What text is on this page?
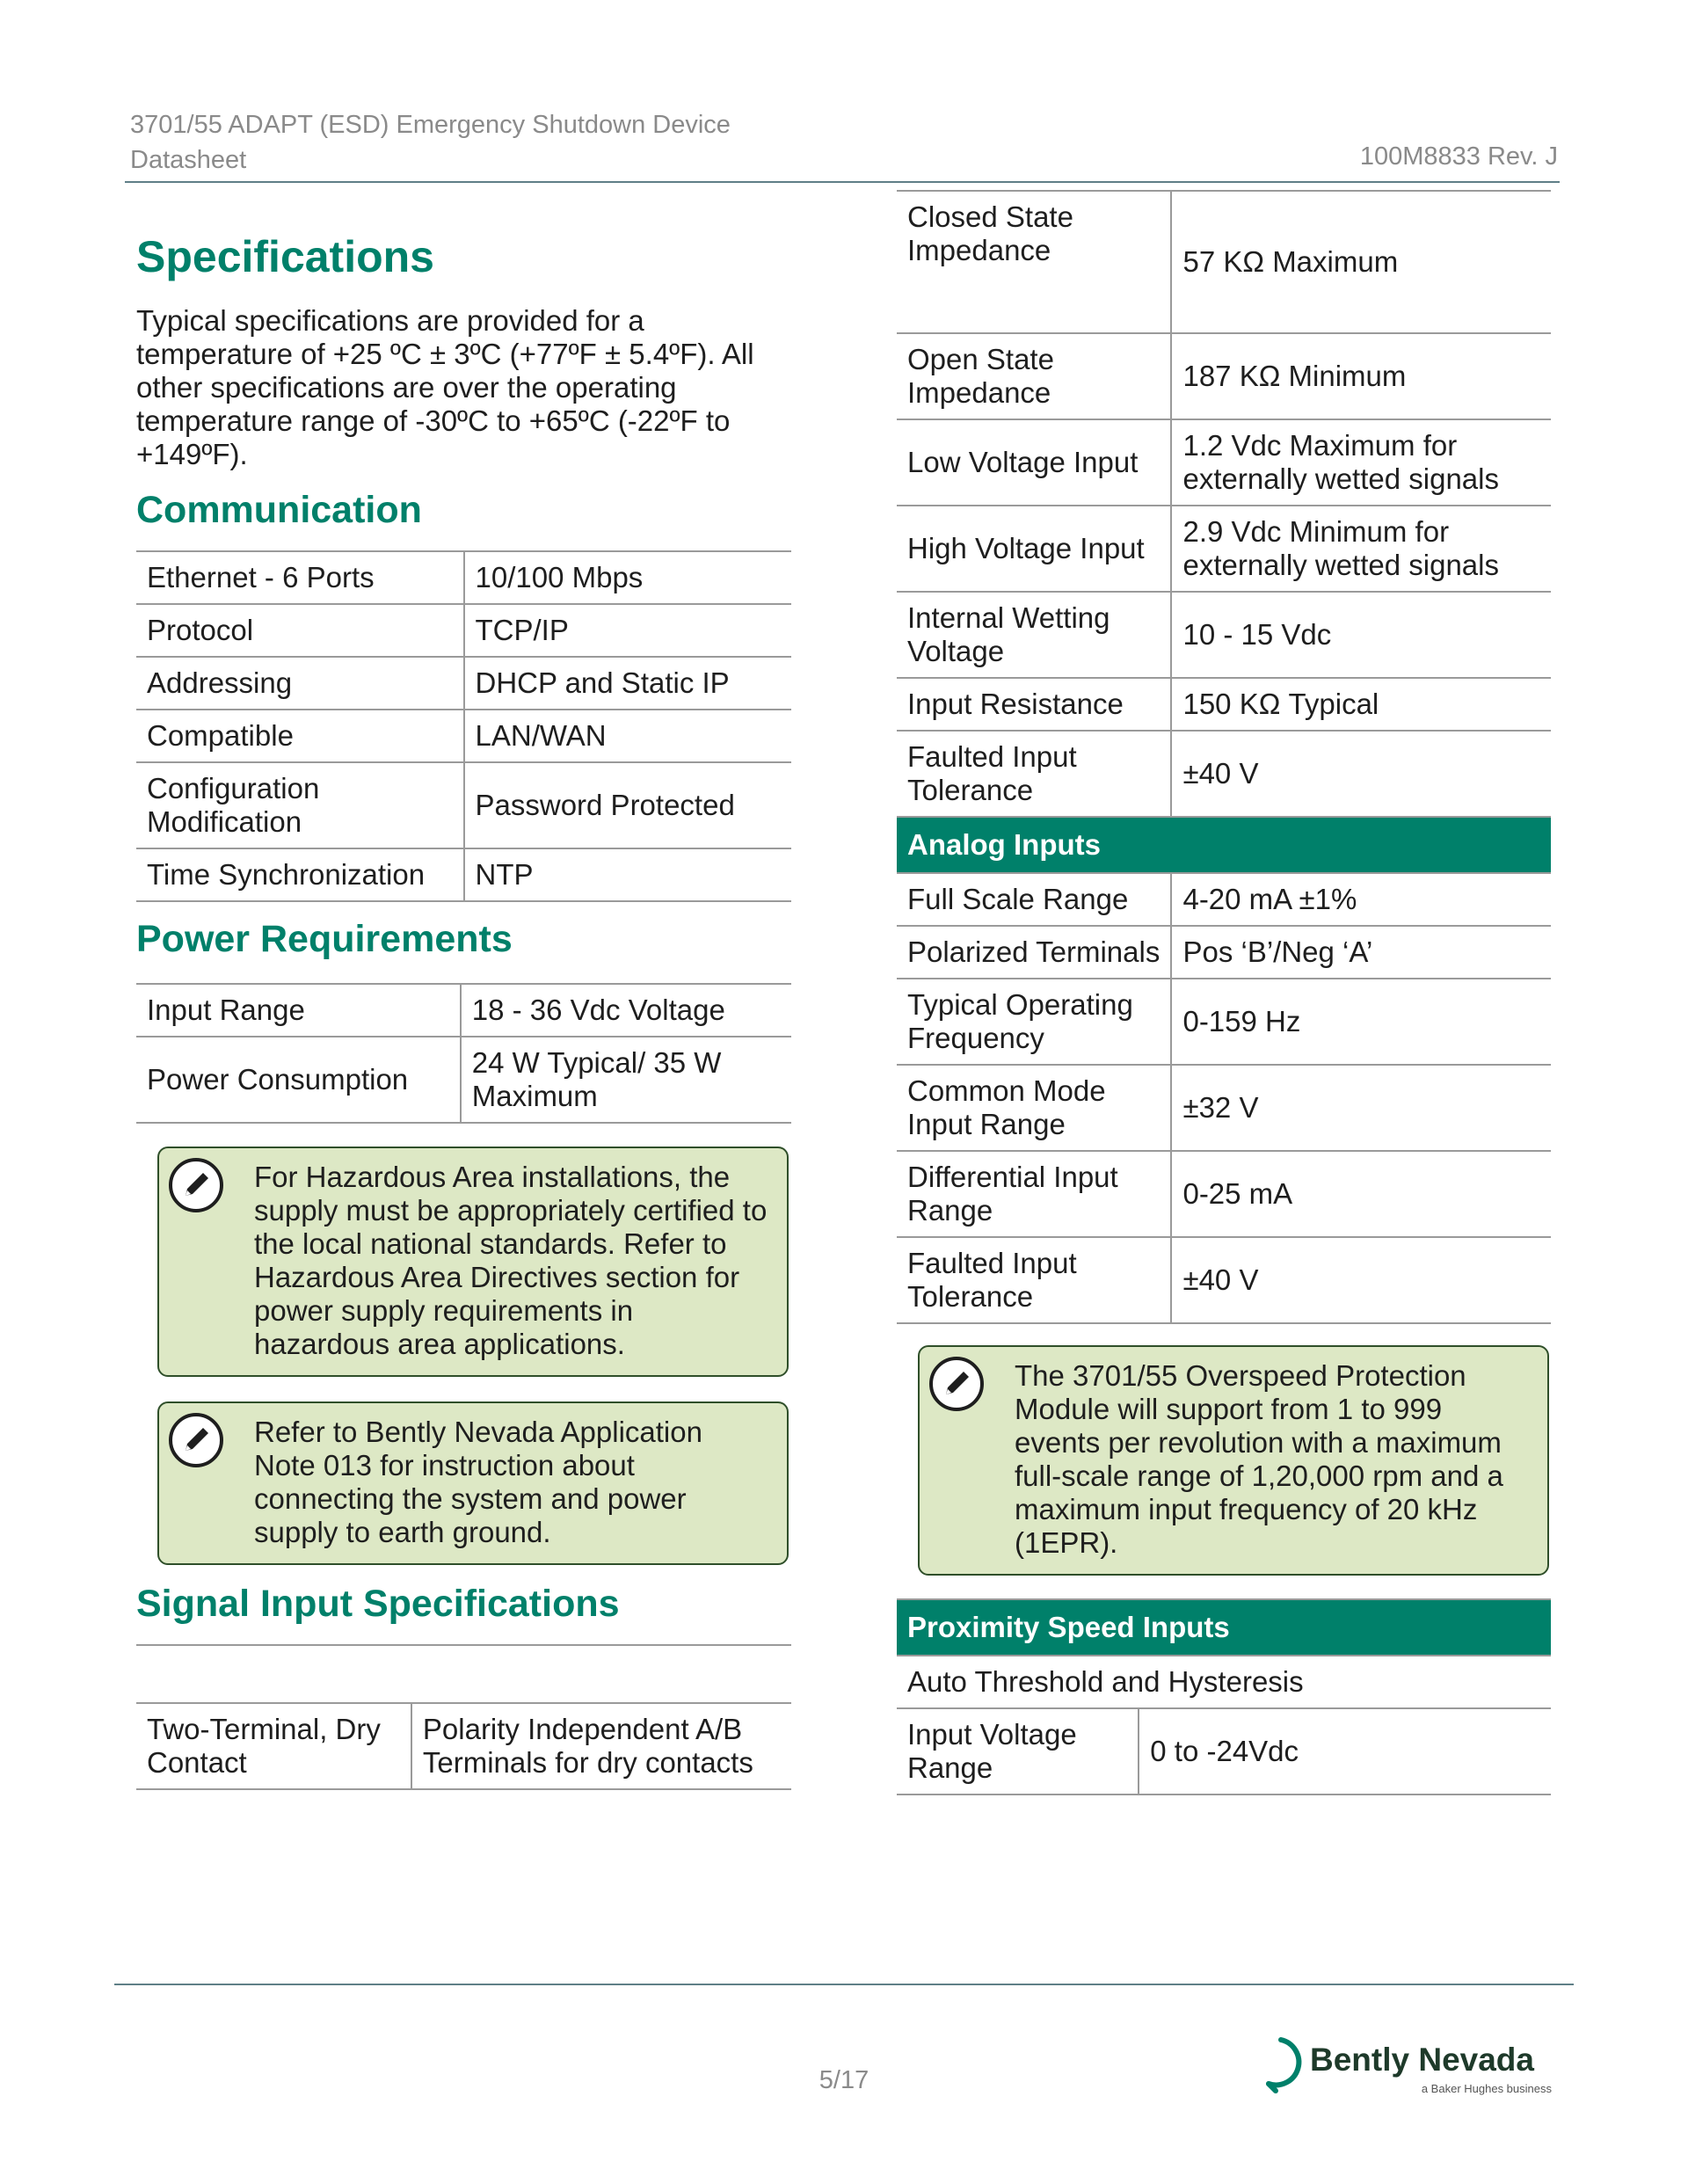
3701/55 ADAPT (ESD) Emergency Shutdown Device
Datasheet	100M8833 Rev. J
Specifications

Typical specifications are provided for a temperature of +25 ºC ± 3ºC (+77ºF ± 5.4ºF). All other specifications are over the operating temperature range of -30ºC to +65ºC (-22ºF to +149ºF).

Communication
Ethernet - 6 Ports	10/100 Mbps
Protocol	TCP/IP
Addressing	DHCP and Static IP
Compatible	LAN/WAN
Configuration Modification	Password Protected
Time Synchronization	NTP
Power Requirements
Input Range	18 - 36 Vdc Voltage
Power Consumption	24 W Typical/ 35 W Maximum
For Hazardous Area installations, the supply must be appropriately certified to the local national standards. Refer to Hazardous Area Directives section for power supply requirements in hazardous area applications.
Refer to Bently Nevada Application Note 013 for instruction about connecting the system and power supply to earth ground.
Signal Input Specifications

Two-Terminal, Dry Contact	Polarity Independent A/B Terminals for dry contacts
Closed State Impedance	57 KΩ Maximum
Open State Impedance	187 KΩ Minimum
Low Voltage Input	1.2 Vdc Maximum for externally wetted signals
High Voltage Input	2.9 Vdc Minimum for externally wetted signals
Internal Wetting Voltage	10 - 15 Vdc
Input Resistance	150 KΩ Typical
Faulted Input Tolerance	±40 V
Analog Inputs	
Full Scale Range	4-20 mA ±1%
Polarized Terminals	Pos ‘B’/Neg ‘A’
Typical Operating Frequency	0-159 Hz
Common Mode Input Range	±32 V
Differential Input Range	0-25 mA
Faulted Input Tolerance	±40 V
The 3701/55 Overspeed Protection Module will support from 1 to 999 events per revolution with a maximum full-scale range of 1,20,000 rpm and a maximum input frequency of 20 kHz (1EPR).
Proximity Speed Inputs
Auto Threshold and Hysteresis
Input Voltage Range	0 to -24Vdc
5/17
Bently Nevada
a Baker Hughes business
